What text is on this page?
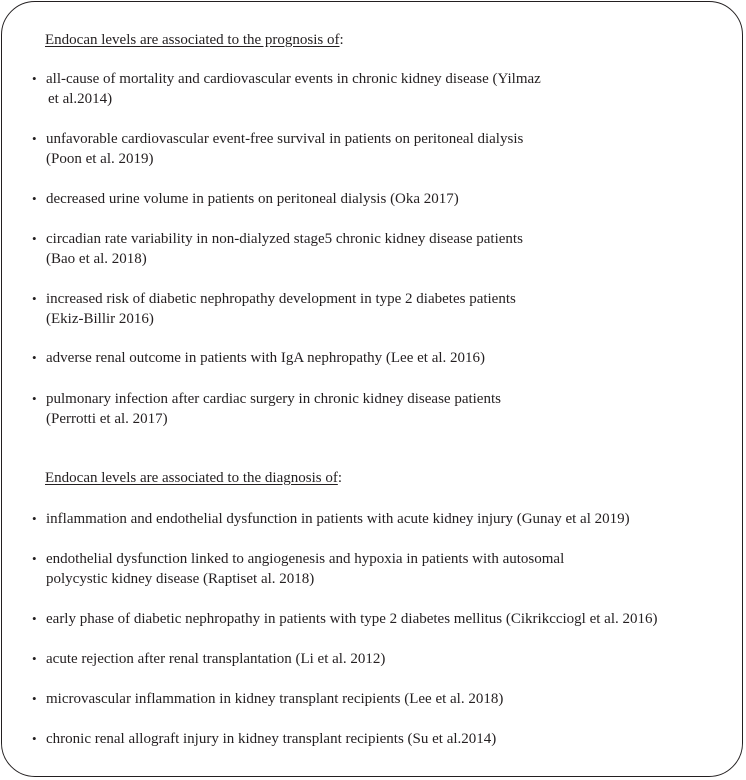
Endocan levels are associated to the prognosis of:
• all-cause of mortality and cardiovascular events in chronic kidney disease (Yilmaz
et al.2014)
• unfavorable cardiovascular event-free survival in patients on peritoneal dialysis
(Poon et al. 2019)
• decreased urine volume in patients on peritoneal dialysis (Oka 2017)
• circadian rate variability in non-dialyzed stage5 chronic kidney disease patients
(Bao et al. 2018)
• increased risk of diabetic nephropathy development in type 2 diabetes patients
(Ekiz-Billir 2016)
• adverse renal outcome in patients with IgA nephropathy (Lee et al. 2016)
• pulmonary infection after cardiac surgery in chronic kidney disease patients
(Perrotti et al. 2017)
Endocan levels are associated to the diagnosis of:
• inflammation and endothelial dysfunction in patients with acute kidney injury (Gunay et al 2019)
• endothelial dysfunction linked to angiogenesis and hypoxia in patients with autosomal
polycystic kidney disease (Raptiset al. 2018)
• early phase of diabetic nephropathy in patients with type 2 diabetes mellitus (Cikrikcciogl et al. 2016)
• acute rejection after renal transplantation (Li et al. 2012)
• microvascular inflammation in kidney transplant recipients (Lee et al. 2018)
• chronic renal allograft injury in kidney transplant recipients (Su et al.2014)
